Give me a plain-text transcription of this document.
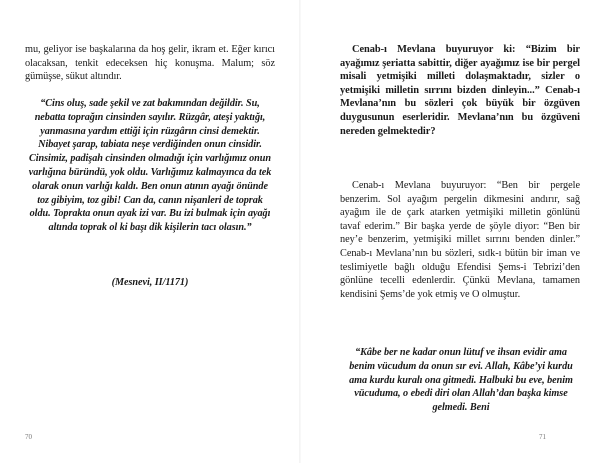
mu, geliyor ise başkalarına da hoş gelir, ikram et. Eğer kırıcı olacaksan, tenkit edeceksen hiç konuşma. Malum; söz gümüşse, sükut altındır.
“Cins oluş, sade şekil ve zat bakımından değildir. Su, nebatta toprağın cinsinden sayılır. Rüzgâr, ateşi yaktığı, yanmasına yardım ettiği için rüzgârın cinsi demektir. Nibayet şarap, tabiata neşe verdiğinden onun cinsidir. Cinsimiz, padişah cinsinden olmadığı için varlığımız onun varlığına büründü, yok oldu. Varlığımız kalmayınca da tek olarak onun varlığı kaldı. Ben onun atının ayağı önünde toz gibiyim, toz gibi! Can da, canın nişanleri de toprak oldu. Toprakta onun ayak izi var. Bu izi bulmak için ayağı altında toprak ol ki başı dik kişilerin tacı olasın.”
(Mesnevi, II/1171)
70
Cenab-ı Mevlana buyuruyor ki: “Bizim bir ayağımız şeriatta sabittir, diğer ayağımız ise bir pergel misali yetmişiki milleti dolaşmaktadır, sizler o yetmişiki milletin sırrını bizden dinleyin...” Cenab-ı Mevlana’nın bu sözleri çok büyük bir özgüven duygusunun eserleridir. Mevlana’nın bu özgüveni nereden gelmektedir?
Cenab-ı Mevlana buyuruyor: “Ben bir pergele benzerim. Sol ayağım pergelin dikmesini andırır, sağ ayağım ile de çark atarken yetmişiki milletin gönlünü tavaf ederim.” Bir başka yerde de şöyle diyor: “Ben bir ney’e benzerim, yetmişiki millet sırrını benden dinler.” Cenab-ı Mevlana’nın bu sözleri, sıdk-ı bütün bir iman ve teslimiyetle bağlı olduğu Efendisi Şems-i Tebrizi’den gönlüne tecelli edenlerdir. Çünkü Mevlana, tamamen kendisini Şems’de yok etmiş ve O olmuştur.
“Kâbe ber ne kadar onun lütuf ve ihsan evidir ama benim vücudum da onun sır evi. Allah, Kâbe’yi kurdu ama kurdu kuralı ona gitmedi. Halbuki bu eve, benim vücuduma, o ebedi diri olan Allah’dan başka kimse gelmedi. Beni
71
